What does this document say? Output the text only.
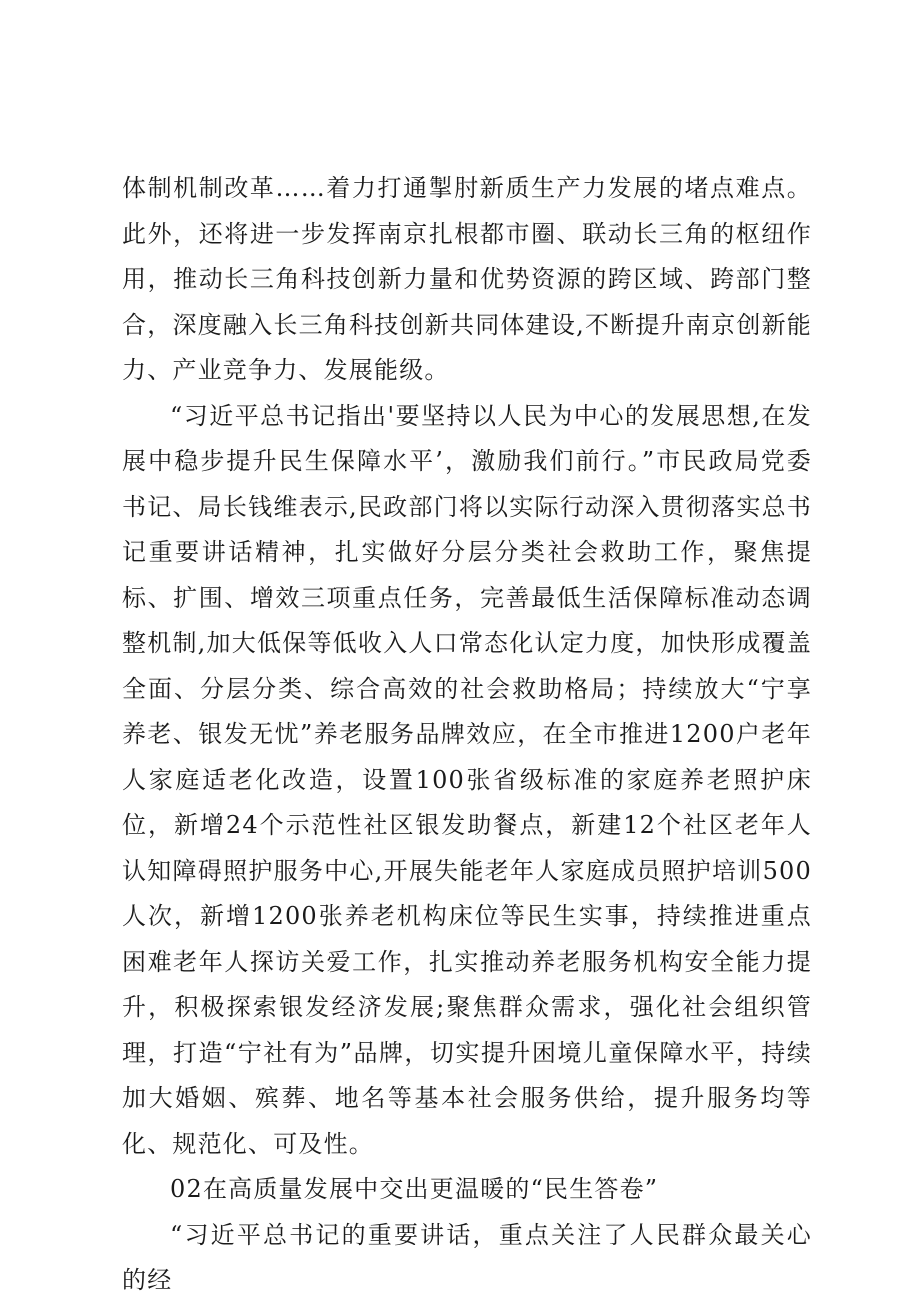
体制机制改革……着力打通掣肘新质生产力发展的堵点难点。此外，还将进一步发挥南京扎根都市圈、联动长三角的枢纽作用，推动长三角科技创新力量和优势资源的跨区域、跨部门整合，深度融入长三角科技创新共同体建设,不断提升南京创新能力、产业竞争力、发展能级。

“习近平总书记指出'要坚持以人民为中心的发展思想,在发展中稳步提升民生保障水平’，激励我们前行。”市民政局党委书记、局长钱维表示,民政部门将以实际行动深入贯彻落实总书记重要讲话精神，扎实做好分层分类社会救助工作，聚焦提标、扩围、增效三项重点任务，完善最低生活保障标准动态调整机制,加大低保等低收入人口常态化认定力度，加快形成覆盖全面、分层分类、综合高效的社会救助格局；持续放大“宁享养老、银发无忧”养老服务品牌效应，在全市推进1200户老年人家庭适老化改造，设置100张省级标准的家庭养老照护床位，新增24个示范性社区银发助餐点，新建12个社区老年人认知障碍照护服务中心,开展失能老年人家庭成员照护培训500人次，新增1200张养老机构床位等民生实事，持续推进重点困难老年人探访关爱工作，扎实推动养老服务机构安全能力提升，积极探索银发经济发展;聚焦群众需求，强化社会组织管理，打造“宁社有为”品牌，切实提升困境儿童保障水平，持续加大婚姻、殡葬、地名等基本社会服务供给，提升服务均等化、规范化、可及性。

02在高质量发展中交出更温暖的“民生答卷”

“习近平总书记的重要讲话，重点关注了人民群众最关心的经
